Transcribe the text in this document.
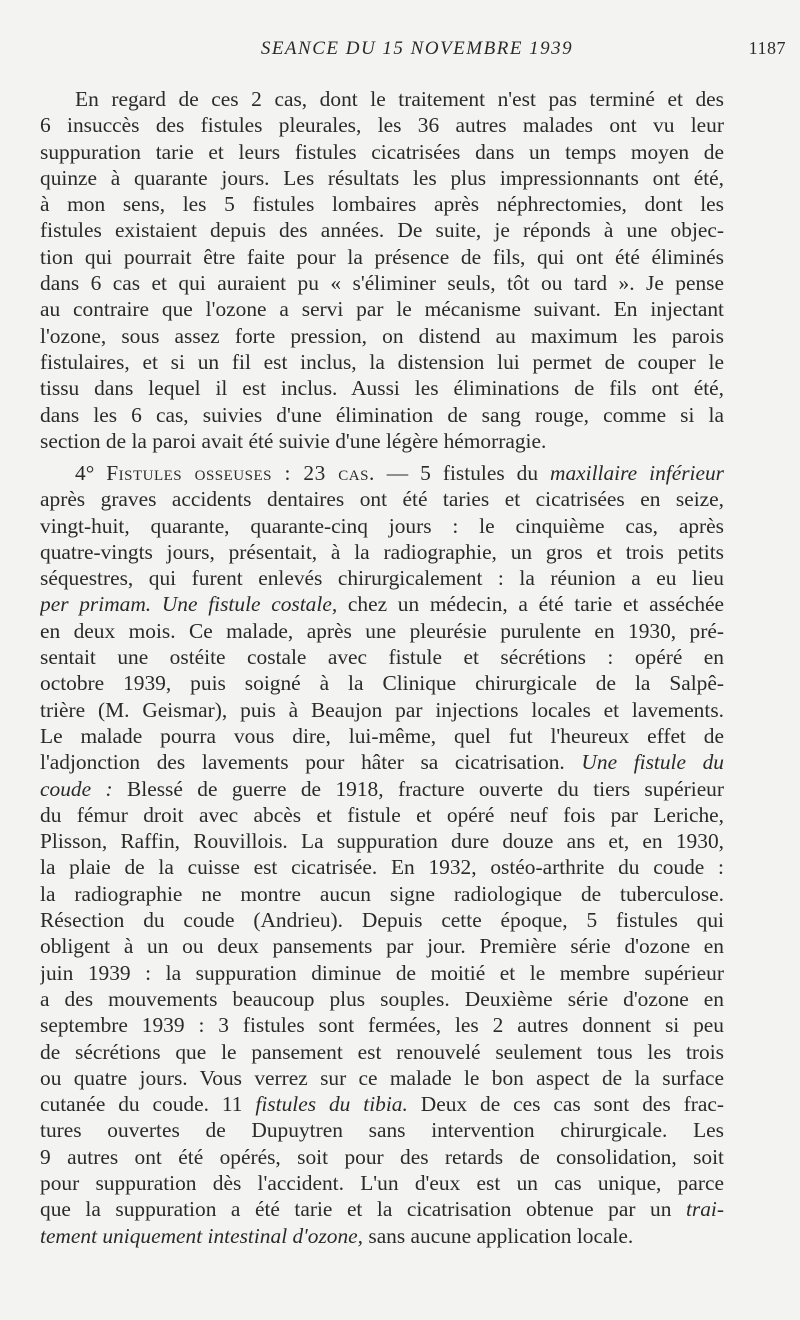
SEANCE DU 15 NOVEMBRE 1939	1187
En regard de ces 2 cas, dont le traitement n'est pas terminé et des
6 insuccès des fistules pleurales, les 36 autres malades ont vu leur
suppuration tarie et leurs fistules cicatrisées dans un temps moyen de
quinze à quarante jours. Les résultats les plus impressionnants ont été,
à mon sens, les 5 fistules lombaires après néphrectomies, dont les
fistules existaient depuis des années. De suite, je réponds à une objec-
tion qui pourrait être faite pour la présence de fils, qui ont été éliminés
dans 6 cas et qui auraient pu « s'éliminer seuls, tôt ou tard ». Je pense
au contraire que l'ozone a servi par le mécanisme suivant. En injectant
l'ozone, sous assez forte pression, on distend au maximum les parois
fistulaires, et si un fil est inclus, la distension lui permet de couper le
tissu dans lequel il est inclus. Aussi les éliminations de fils ont été,
dans les 6 cas, suivies d'une élimination de sang rouge, comme si la
section de la paroi avait été suivie d'une légère hémorragie.
4° Fistules osseuses : 23 cas. — 5 fistules du maxillaire inférieur
après graves accidents dentaires ont été taries et cicatrisées en seize,
vingt-huit, quarante, quarante-cinq jours : le cinquième cas, après
quatre-vingts jours, présentait, à la radiographie, un gros et trois petits
séquestres, qui furent enlevés chirurgicalement : la réunion a eu lieu
per primam. Une fistule costale, chez un médecin, a été tarie et asséchée
en deux mois. Ce malade, après une pleurésie purulente en 1930, pré-
sentait une ostéite costale avec fistule et sécrétions : opéré en
octobre 1939, puis soigné à la Clinique chirurgicale de la Salpê-
trière (M. Geismar), puis à Beaujon par injections locales et lavements.
Le malade pourra vous dire, lui-même, quel fut l'heureux effet de
l'adjonction des lavements pour hâter sa cicatrisation. Une fistule du
coude : Blessé de guerre de 1918, fracture ouverte du tiers supérieur
du fémur droit avec abcès et fistule et opéré neuf fois par Leriche,
Plisson, Raffin, Rouvillois. La suppuration dure douze ans et, en 1930,
la plaie de la cuisse est cicatrisée. En 1932, ostéo-arthrite du coude :
la radiographie ne montre aucun signe radiologique de tuberculose.
Résection du coude (Andrieu). Depuis cette époque, 5 fistules qui
obligent à un ou deux pansements par jour. Première série d'ozone en
juin 1939 : la suppuration diminue de moitié et le membre supérieur
a des mouvements beaucoup plus souples. Deuxième série d'ozone en
septembre 1939 : 3 fistules sont fermées, les 2 autres donnent si peu
de sécrétions que le pansement est renouvelé seulement tous les trois
ou quatre jours. Vous verrez sur ce malade le bon aspect de la surface
cutanée du coude. 11 fistules du tibia. Deux de ces cas sont des frac-
tures ouvertes de Dupuytren sans intervention chirurgicale. Les
9 autres ont été opérés, soit pour des retards de consolidation, soit
pour suppuration dès l'accident. L'un d'eux est un cas unique, parce
que la suppuration a été tarie et la cicatrisation obtenue par un trai-
tement uniquement intestinal d'ozone, sans aucune application locale.
